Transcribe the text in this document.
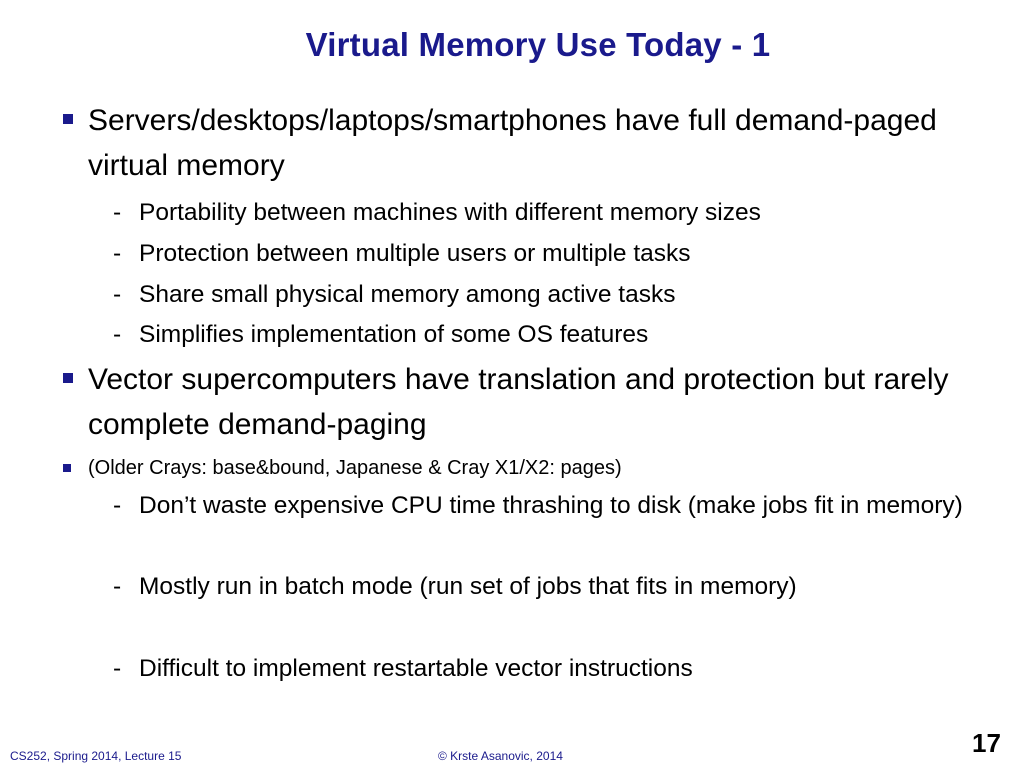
Virtual Memory Use Today - 1
Servers/desktops/laptops/smartphones have full demand-paged virtual memory
- Portability between machines with different memory sizes
- Protection between multiple users or multiple tasks
- Share small physical memory among active tasks
- Simplifies implementation of some OS features
Vector supercomputers have translation and protection but rarely complete demand-paging
(Older Crays: base&bound, Japanese & Cray X1/X2: pages)
- Don’t waste expensive CPU time thrashing to disk (make jobs fit in memory)
- Mostly run in batch mode (run set of jobs that fits in memory)
- Difficult to implement restartable vector instructions
CS252, Spring 2014, Lecture 15	© Krste Asanovic, 2014	17
